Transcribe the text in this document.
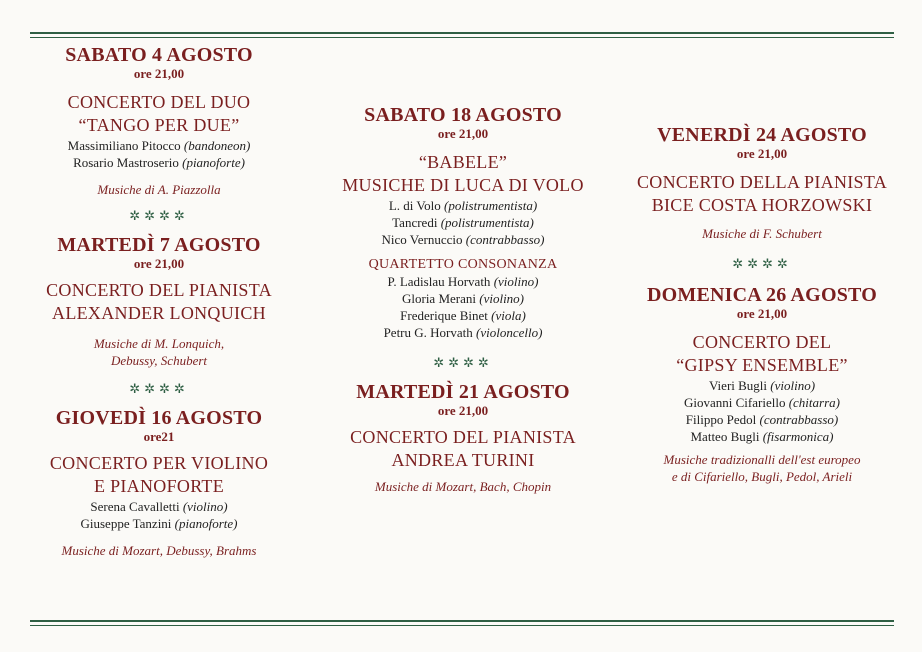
SABATO 4 AGOSTO
ore 21,00
CONCERTO DEL DUO
“TANGO PER DUE”
Massimiliano Pitocco (bandoneon)
Rosario Mastroserio (pianoforte)
Musiche di A. Piazzolla
✲✲✲✲
MARTEDÌ 7 AGOSTO
ore 21,00
CONCERTO DEL PIANISTA
ALEXANDER LONQUICH
Musiche di M. Lonquich,
Debussy, Schubert
✲✲✲✲
GIOVEDÌ 16 AGOSTO
ore21
CONCERTO PER VIOLINO
E PIANOFORTE
Serena Cavalletti (violino)
Giuseppe Tanzini (pianoforte)
Musiche di Mozart, Debussy, Brahms
SABATO 18 AGOSTO
ore 21,00
“BABELE”
MUSICHE DI LUCA DI VOLO
L. di Volo (polistrumentista)
Tancredi (polistrumentista)
Nico Vernuccio (contrabbasso)
QUARTETTO CONSONANZA
P. Ladislau Horvath (violino)
Gloria Merani (violino)
Frederique Binet (viola)
Petru G. Horvath (violoncello)
✲✲✲✲
MARTEDÌ 21 AGOSTO
ore 21,00
CONCERTO DEL PIANISTA
ANDREA TURINI
Musiche di Mozart, Bach, Chopin
VENERDÌ 24 AGOSTO
ore 21,00
CONCERTO DELLA PIANISTA
BICE COSTA HORZOWSKI
Musiche di F. Schubert
✲✲✲✲
DOMENICA 26 AGOSTO
ore 21,00
CONCERTO DEL
“GIPSY ENSEMBLE”
Vieri Bugli (violino)
Giovanni Cifariello (chitarra)
Filippo Pedol (contrabbasso)
Matteo Bugli (fisarmonica)
Musiche tradizionalli dell'est europeo
e di Cifariello, Bugli, Pedol, Arieli
